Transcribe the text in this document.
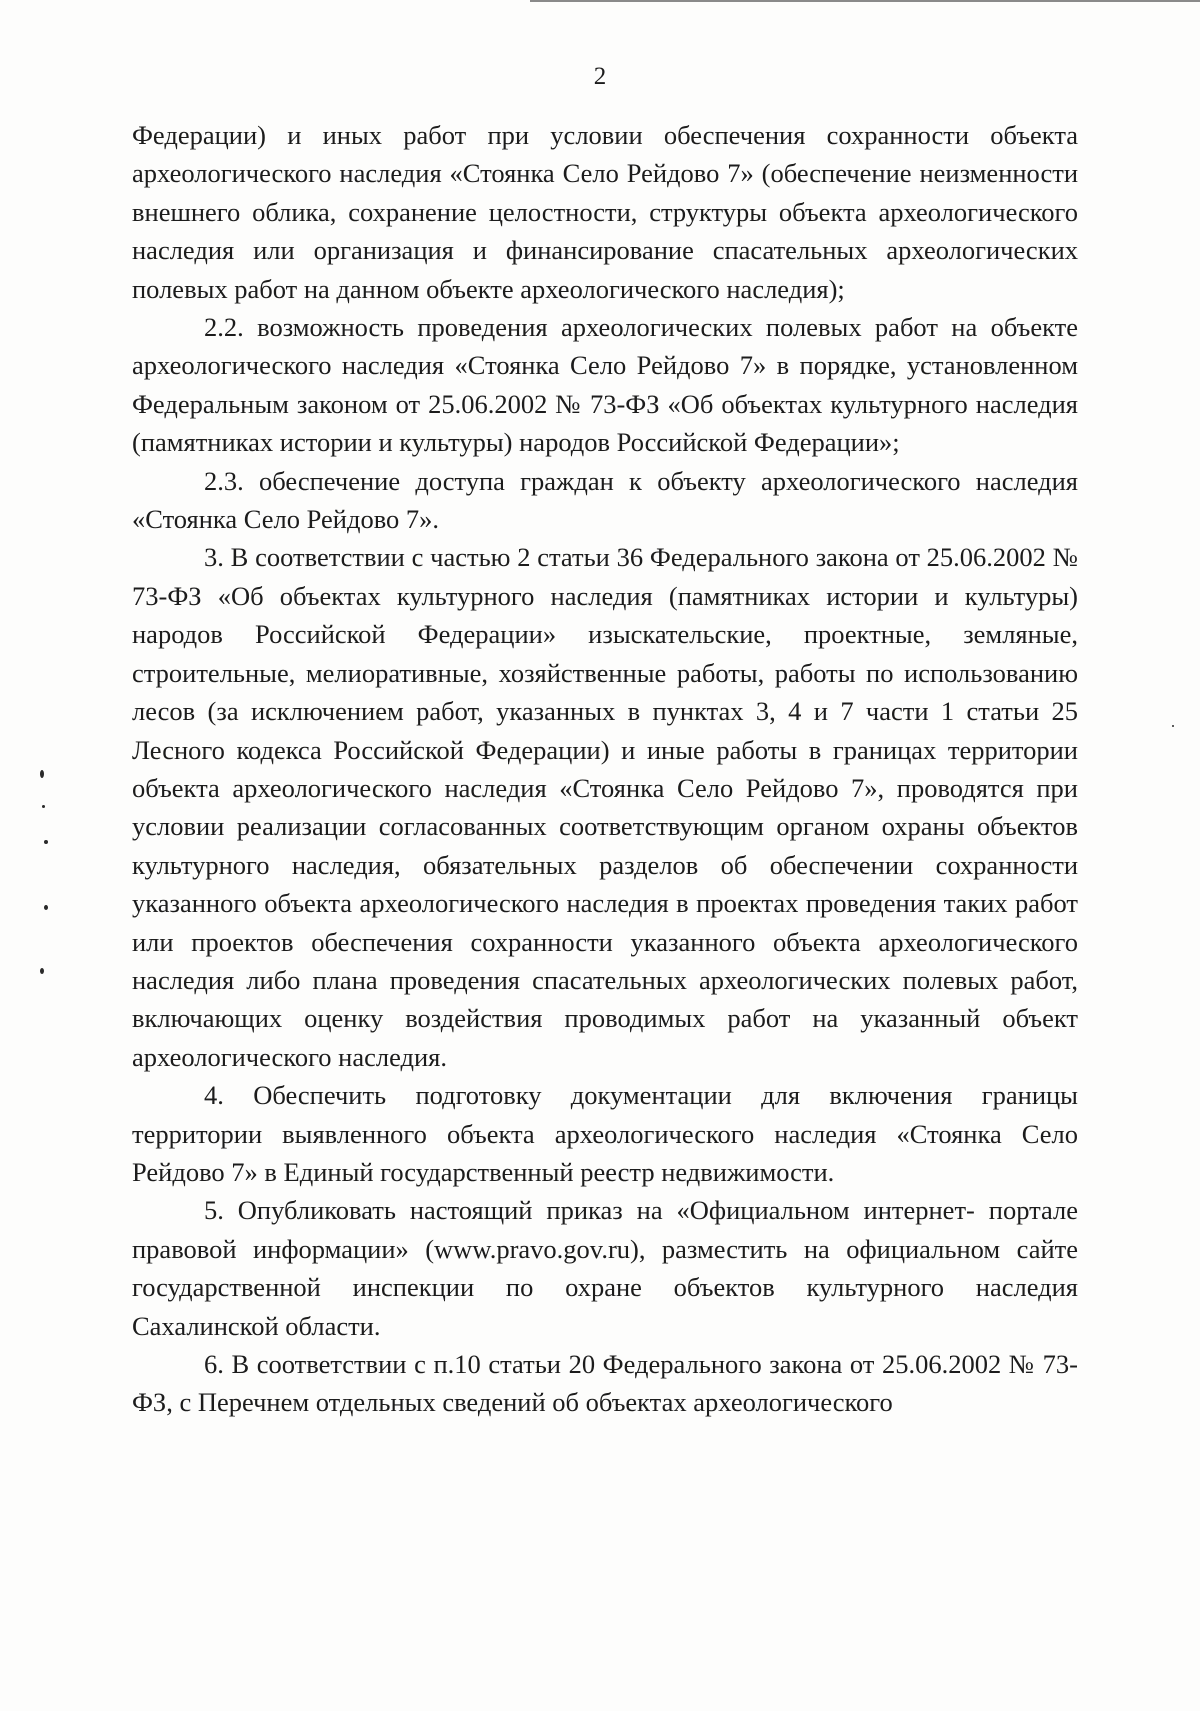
2

Федерации) и иных работ при условии обеспечения сохранности объекта археологического наследия «Стоянка Село Рейдово 7» (обеспечение неизменности внешнего облика, сохранение целостности, структуры объекта археологического наследия или организация и финансирование спасательных археологических полевых работ на данном объекте археологического наследия);

2.2. возможность проведения археологических полевых работ на объекте археологического наследия «Стоянка Село Рейдово 7» в порядке, установленном Федеральным законом от 25.06.2002 № 73-ФЗ «Об объектах культурного наследия (памятниках истории и культуры) народов Российской Федерации»;

2.3. обеспечение доступа граждан к объекту археологического наследия «Стоянка Село Рейдово 7».

3. В соответствии с частью 2 статьи 36 Федерального закона от 25.06.2002 № 73-ФЗ «Об объектах культурного наследия (памятниках истории и культуры) народов Российской Федерации» изыскательские, проектные, земляные, строительные, мелиоративные, хозяйственные работы, работы по использованию лесов (за исключением работ, указанных в пунктах 3, 4 и 7 части 1 статьи 25 Лесного кодекса Российской Федерации) и иные работы в границах территории объекта археологического наследия «Стоянка Село Рейдово 7», проводятся при условии реализации согласованных соответствующим органом охраны объектов культурного наследия, обязательных разделов об обеспечении сохранности указанного объекта археологического наследия в проектах проведения таких работ или проектов обеспечения сохранности указанного объекта археологического наследия либо плана проведения спасательных археологических полевых работ, включающих оценку воздействия проводимых работ на указанный объект археологического наследия.

4. Обеспечить подготовку документации для включения границы территории выявленного объекта археологического наследия «Стоянка Село Рейдово 7» в Единый государственный реестр недвижимости.

5. Опубликовать настоящий приказ на «Официальном интернет- портале правовой информации» (www.pravo.gov.ru), разместить на официальном сайте государственной инспекции по охране объектов культурного наследия Сахалинской области.

6. В соответствии с п.10 статьи 20 Федерального закона от 25.06.2002 № 73-ФЗ, с Перечнем отдельных сведений об объектах археологического
